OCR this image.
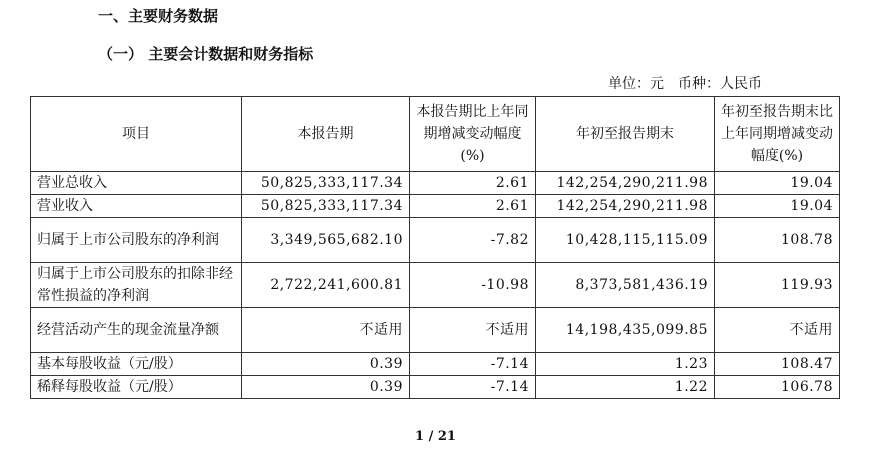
一、主要财务数据
（一） 主要会计数据和财务指标
单位：元　币种：人民币
项目	本报告期	本报告期比上年同期增减变动幅度(%)	年初至报告期末	年初至报告期末比上年同期增减变动幅度(%)
营业总收入	50,825,333,117.34	2.61	142,254,290,211.98	19.04
营业收入	50,825,333,117.34	2.61	142,254,290,211.98	19.04
归属于上市公司股东的净利润	3,349,565,682.10	-7.82	10,428,115,115.09	108.78
归属于上市公司股东的扣除非经常性损益的净利润	2,722,241,600.81	-10.98	8,373,581,436.19	119.93
经营活动产生的现金流量净额	不适用	不适用	14,198,435,099.85	不适用
基本每股收益（元/股）	0.39	-7.14	1.23	108.47
稀释每股收益（元/股）	0.39	-7.14	1.22	106.78
1 / 21
